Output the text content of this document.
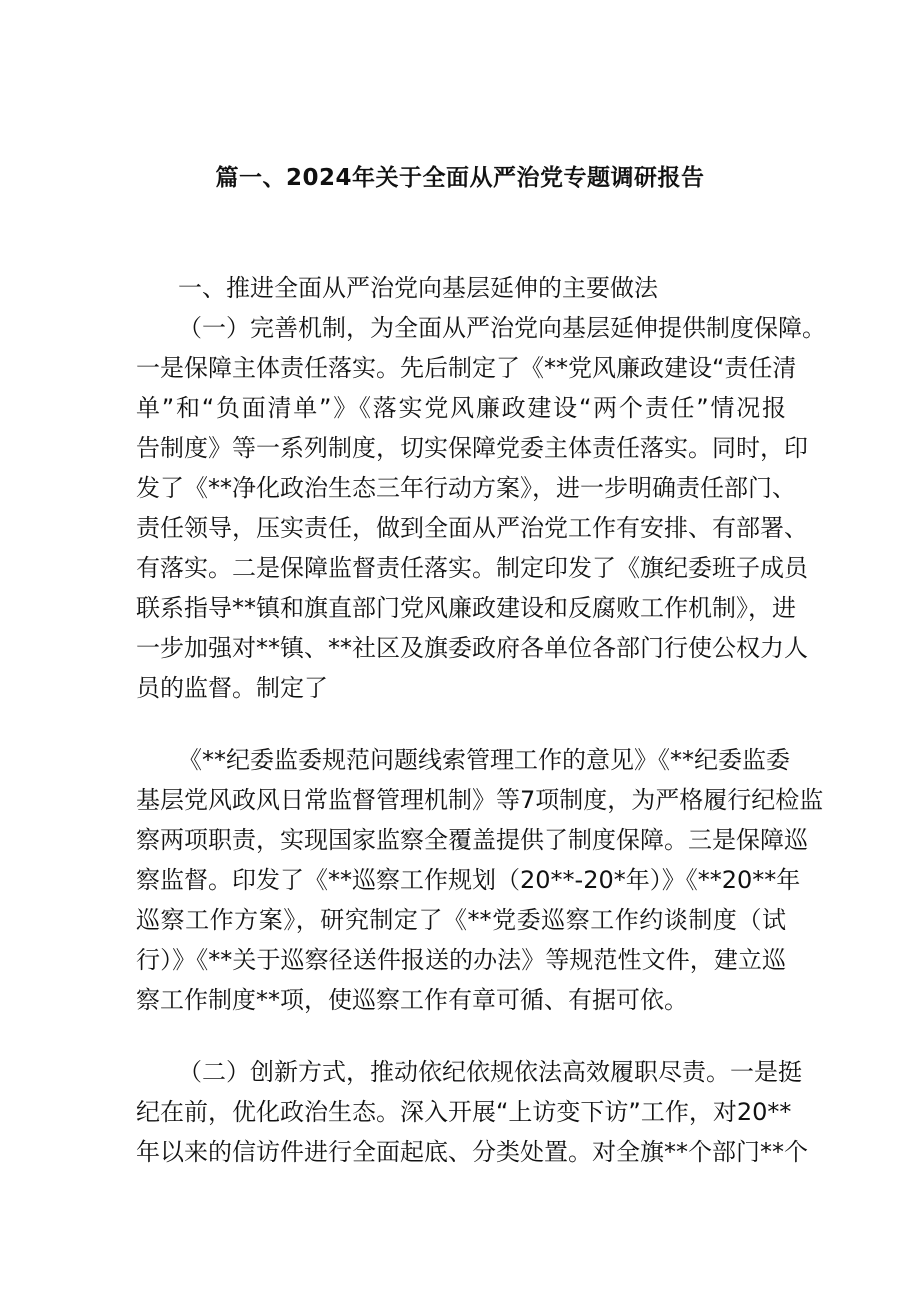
篇一、2024年关于全面从严治党专题调研报告
一、推进全面从严治党向基层延伸的主要做法
（一）完善机制，为全面从严治党向基层延伸提供制度保障。
一是保障主体责任落实。先后制定了《**党风廉政建设“责任清
单”和“负面清单”》《落实党风廉政建设“两个责任”情况报
告制度》等一系列制度，切实保障党委主体责任落实。同时，印
发了《**净化政治生态三年行动方案》，进一步明确责任部门、
责任领导，压实责任，做到全面从严治党工作有安排、有部署、
有落实。二是保障监督责任落实。制定印发了《旗纪委班子成员
联系指导**镇和旗直部门党风廉政建设和反腐败工作机制》，进
一步加强对**镇、**社区及旗委政府各单位各部门行使公权力人
员的监督。制定了
《**纪委监委规范问题线索管理工作的意见》《**纪委监委
基层党风政风日常监督管理机制》等7项制度，为严格履行纪检监
察两项职责，实现国家监察全覆盖提供了制度保障。三是保障巡
察监督。印发了《**巡察工作规划（20**-20*年）》《**20**年
巡察工作方案》，研究制定了《**党委巡察工作约谈制度（试
行）》《**关于巡察径送件报送的办法》等规范性文件，建立巡
察工作制度**项，使巡察工作有章可循、有据可依。
（二）创新方式，推动依纪依规依法高效履职尽责。一是挺
纪在前，优化政治生态。深入开展“上访变下访”工作，对20**
年以来的信访件进行全面起底、分类处置。对全旗**个部门**个
